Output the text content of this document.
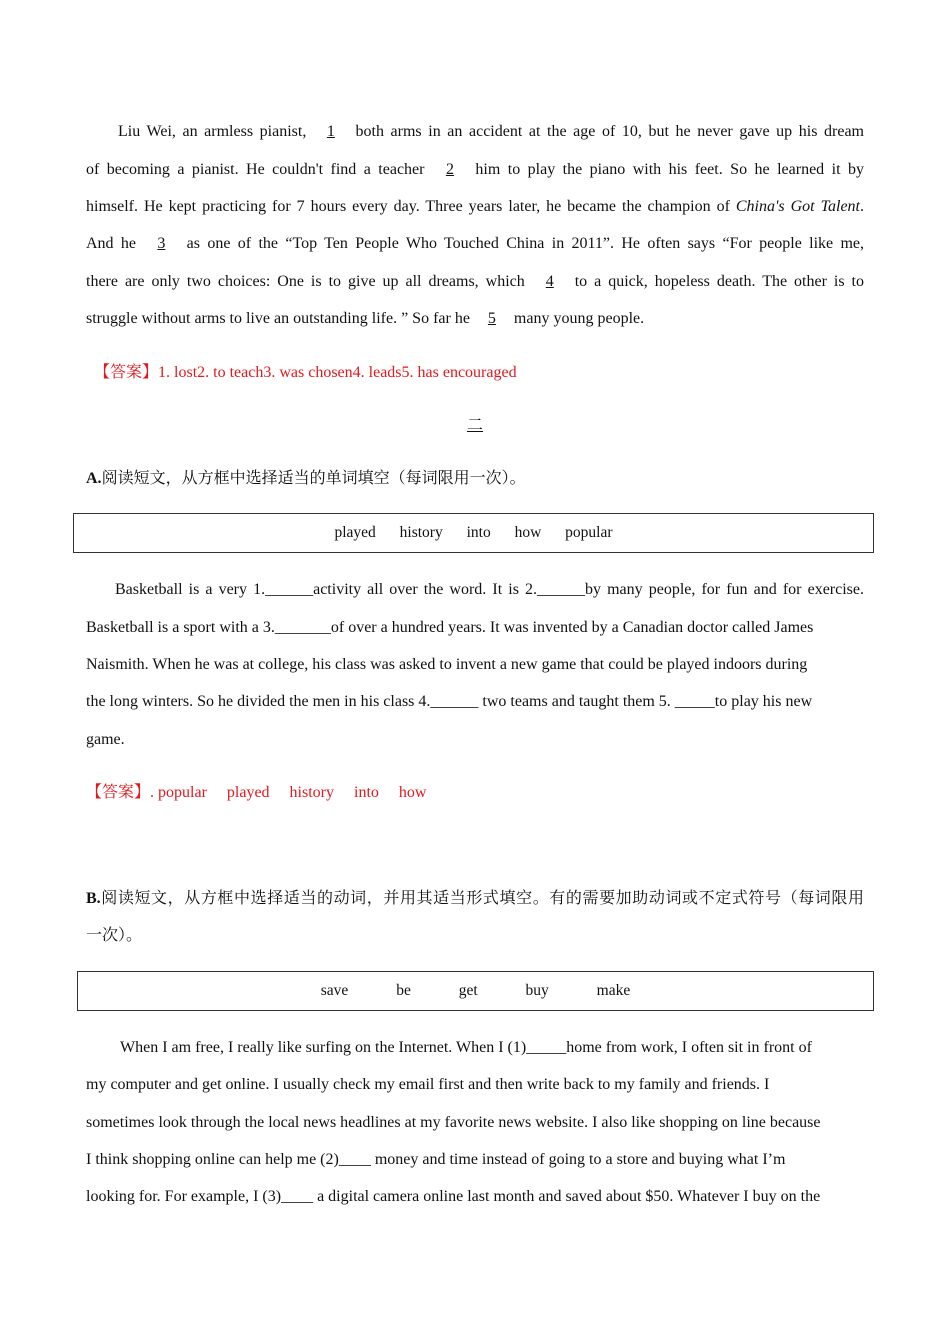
Liu Wei, an armless pianist, 1 both arms in an accident at the age of 10, but he never gave up his dream
of becoming a pianist. He couldn't find a teacher 2 him to play the piano with his feet. So he learned it by
himself. He kept practicing for 7 hours every day. Three years later, he became the champion of China's Got Talent.
And he 3 as one of the “Top Ten People Who Touched China in 2011”. He often says “For people like me,
there are only two choices: One is to give up all dreams, which 4 to a quick, hopeless death. The other is to
struggle without arms to live an outstanding life. ” So far he 5 many young people.
【答案】1. lost2. to teach3. was chosen4. leads5. has encouraged
二
A.阅读短文，从方框中选择适当的单词填空（每词限用一次）。
played history into how popular
Basketball is a very 1.______activity all over the word. It is 2.______by many people, for fun and for exercise.
Basketball is a sport with a 3._______of over a hundred years. It was invented by a Canadian doctor called James
Naismith. When he was at college, his class was asked to invent a new game that could be played indoors during
the long winters. So he divided the men in his class 4.______ two teams and taught them 5. _____to play his new
game.
【答案】. popular played history into how
B.阅读短文，从方框中选择适当的动词，并用其适当形式填空。有的需要加助动词或不定式符号（每词限用
一次）。
save	be	get	buy	make
When I am free, I really like surfing on the Internet. When I (1)_____home from work, I often sit in front of
my computer and get online. I usually check my email first and then write back to my family and friends. I
sometimes look through the local news headlines at my favorite news website. I also like shopping on line because
I think shopping online can help me (2)____ money and time instead of going to a store and buying what I’m
looking for. For example, I (3)____ a digital camera online last month and saved about $50. Whatever I buy on the
